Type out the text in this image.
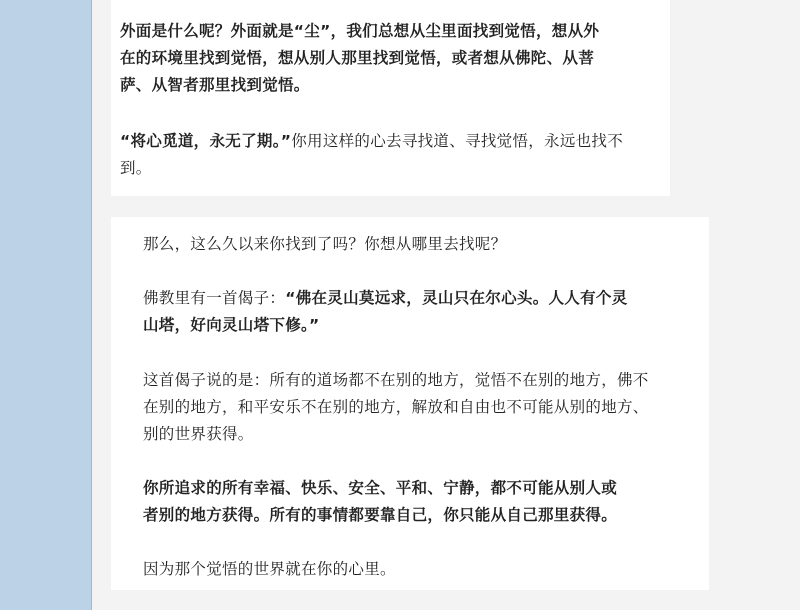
外面是什么呢？外面就是“尘”，我们总想从尘里面找到觉悟，想从外
在的环境里找到觉悟，想从别人那里找到觉悟，或者想从佛陀、从菩
萨、从智者那里找到觉悟。
“将心觅道，永无了期。”你用这样的心去寻找道、寻找觉悟，永远也找不
到。
那么，这么久以来你找到了吗？你想从哪里去找呢？
佛教里有一首偈子：“佛在灵山莫远求，灵山只在尔心头。人人有个灵
山塔，好向灵山塔下修。”
这首偈子说的是：所有的道场都不在别的地方，觉悟不在别的地方，佛不
在别的地方，和平安乐不在别的地方，解放和自由也不可能从别的地方、
别的世界获得。
你所追求的所有幸福、快乐、安全、平和、宁静，都不可能从别人或
者别的地方获得。所有的事情都要靠自己，你只能从自己那里获得。
因为那个觉悟的世界就在你的心里。
